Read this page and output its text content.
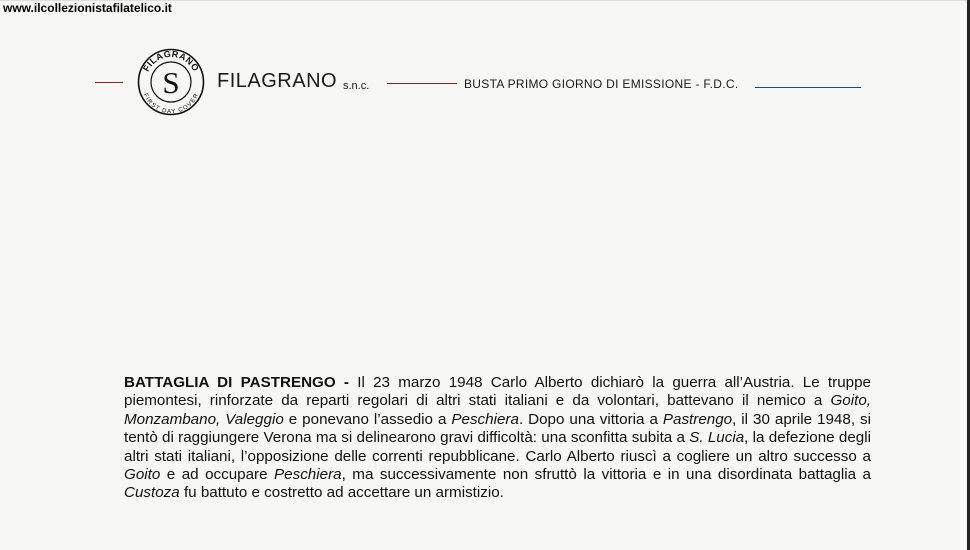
www.ilcollezionistafilatelico.it
FILAGRANO
FIRST DAY COVER
S FILAGRANO s.n.c.	BUSTA PRIMO GIORNO DI EMISSIONE - F.D.C.
BATTAGLIA DI PASTRENGO - Il 23 marzo 1948 Carlo Alberto dichiarò la guerra all’Austria. Le truppe piemontesi, rinforzate da reparti regolari di altri stati italiani e da volontari, battevano il nemico a Goito, Monzambano, Valeggio e ponevano l’assedio a Peschiera. Dopo una vittoria a Pastrengo, il 30 aprile 1948, si tentò di raggiungere Verona ma si delinearono gravi difficoltà: una sconfitta subita a S. Lucia, la defezione degli altri stati italiani, l’opposizione delle correnti repubblicane. Carlo Alberto riuscì a cogliere un altro successo a Goito e ad occupare Peschiera, ma successivamente non sfruttò la vittoria e in una disordinata battaglia a Custoza fu battuto e costretto ad accettare un armistizio.
